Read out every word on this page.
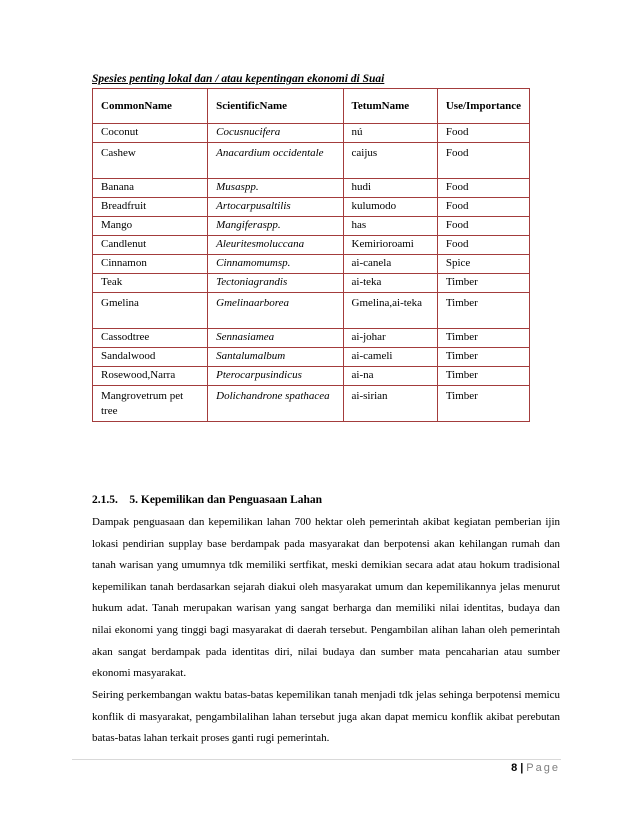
Spesies penting lokal dan / atau kepentingan ekonomi di Suai
CommonName	ScientificName	TetumName	Use/Importance
Coconut	Cocusnucifera	nú	Food
Cashew	Anacardium occidentale	caijus	Food
Banana	Musaspp.	hudi	Food
Breadfruit	Artocarpusaltilis	kulumodo	Food
Mango	Mangiferaspp.	has	Food
Candlenut	Aleuritesmoluccana	Kemirioroami	Food
Cinnamon	Cinnamomumsp.	ai-canela	Spice
Teak	Tectoniagrandis	ai-teka	Timber
Gmelina	Gmelinaarborea	Gmelina,ai-teka	Timber
Cassodtree	Sennasiamea	ai-johar	Timber
Sandalwood	Santalumalbum	ai-cameli	Timber
Rosewood,Narra	Pterocarpusindicus	ai-na	Timber
Mangrovetrum pet tree	Dolichandrone spathacea	ai-sirian	Timber
2.1.5.    5. Kepemilikan dan Penguasaan Lahan
Dampak penguasaan dan kepemilikan lahan 700 hektar oleh pemerintah akibat kegiatan pemberian ijin lokasi pendirian supplay base berdampak pada masyarakat dan berpotensi akan kehilangan rumah dan tanah warisan yang umumnya tdk memiliki sertfikat, meski demikian secara adat atau hokum tradisional kepemilikan tanah berdasarkan sejarah diakui oleh masyarakat umum dan kepemilikannya jelas menurut hukum adat. Tanah merupakan warisan yang sangat berharga dan memiliki nilai identitas, budaya dan nilai ekonomi yang tinggi bagi masyarakat di daerah tersebut. Pengambilan alihan lahan oleh pemerintah akan sangat berdampak pada identitas diri, nilai budaya dan sumber mata pencaharian atau sumber ekonomi masyarakat.
Seiring perkembangan waktu batas-batas kepemilikan tanah menjadi tdk jelas sehinga berpotensi memicu konflik di masyarakat, pengambilalihan lahan tersebut juga akan dapat memicu konflik akibat perebutan batas-batas lahan terkait proses ganti rugi pemerintah.
8 | Page
